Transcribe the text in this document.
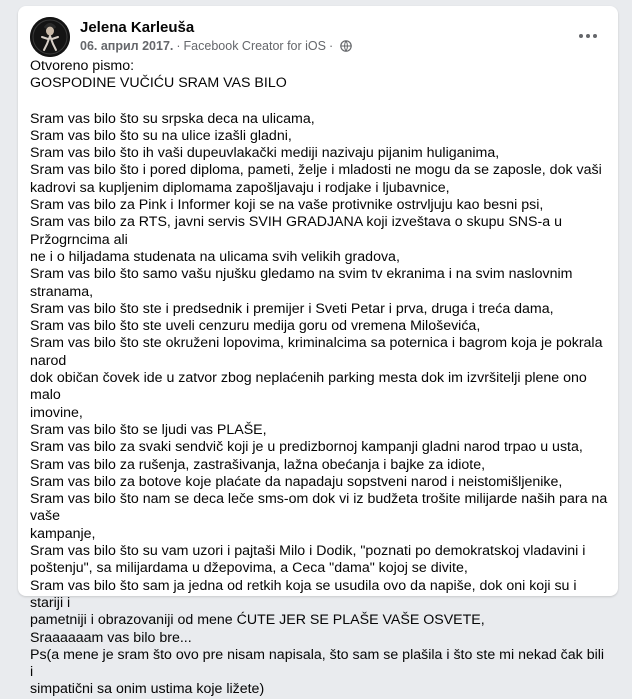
Jelena Karleuša
06. април 2017. · Facebook Creator for iOS ·

Otvoreno pismo:

GOSPODINE VUČIĆU SRAM VAS BILO

Sram vas bilo što su srpska deca na ulicama,

Sram vas bilo što su na ulice izašli gladni,

Sram vas bilo što ih vaši dupeuvlakački mediji nazivaju pijanim huliganima,

Sram vas bilo što i pored diploma, pameti, želje i mladosti ne mogu da se zaposle, dok vaši

kadrovi sa kupljenim diplomama zapošljavaju i rodjake i ljubavnice,

Sram vas bilo za Pink i Informer koji se na vaše protivnike ostrvljuju kao besni psi,

Sram vas bilo za RTS, javni servis SVIH GRADJANA koji izveštava o skupu SNS-a u Pržogrncima ali

ne i o hiljadama studenata na ulicama svih velikih gradova,

Sram vas bilo što samo vašu njušku gledamo na svim tv ekranima i na svim naslovnim stranama,

Sram vas bilo što ste i predsednik i premijer i Sveti Petar i prva, druga i treća dama,

Sram vas bilo što ste uveli cenzuru medija goru od vremena Miloševića,

Sram vas bilo što ste okruženi lopovima, kriminalcima sa poternica i bagrom koja je pokrala narod

dok običan čovek ide u zatvor zbog neplaćenih parking mesta dok im izvršitelji plene ono malo

imovine,

Sram vas bilo što se ljudi vas PLAŠE,

Sram vas bilo za svaki sendvič koji je u predizbornoj kampanji gladni narod trpao u usta,

Sram vas bilo za rušenja, zastrašivanja, lažna obećanja i bajke za idiote,

Sram vas bilo za botove koje plaćate da napadaju sopstveni narod i neistomišljenike,

Sram vas bilo što nam se deca leče sms-om dok vi iz budžeta trošite milijarde naših para na vaše

kampanje,

Sram vas bilo što su vam uzori i pajtaši Milo i Dodik, "poznati po demokratskoj vladavini i

poštenju", sa milijardama u džepovima, a Ceca "dama" kojoj se divite,

Sram vas bilo što sam ja jedna od retkih koja se usudila ovo da napiše, dok oni koji su i stariji i

pametniji i obrazovaniji od mene ĆUTE JER SE PLAŠE VAŠE OSVETE,

Sraaaaaam vas bilo bre...

Ps(a mene je sram što ovo pre nisam napisala, što sam se plašila i što ste mi nekad čak bili i

simpatični sa onim ustima koje ližete)
